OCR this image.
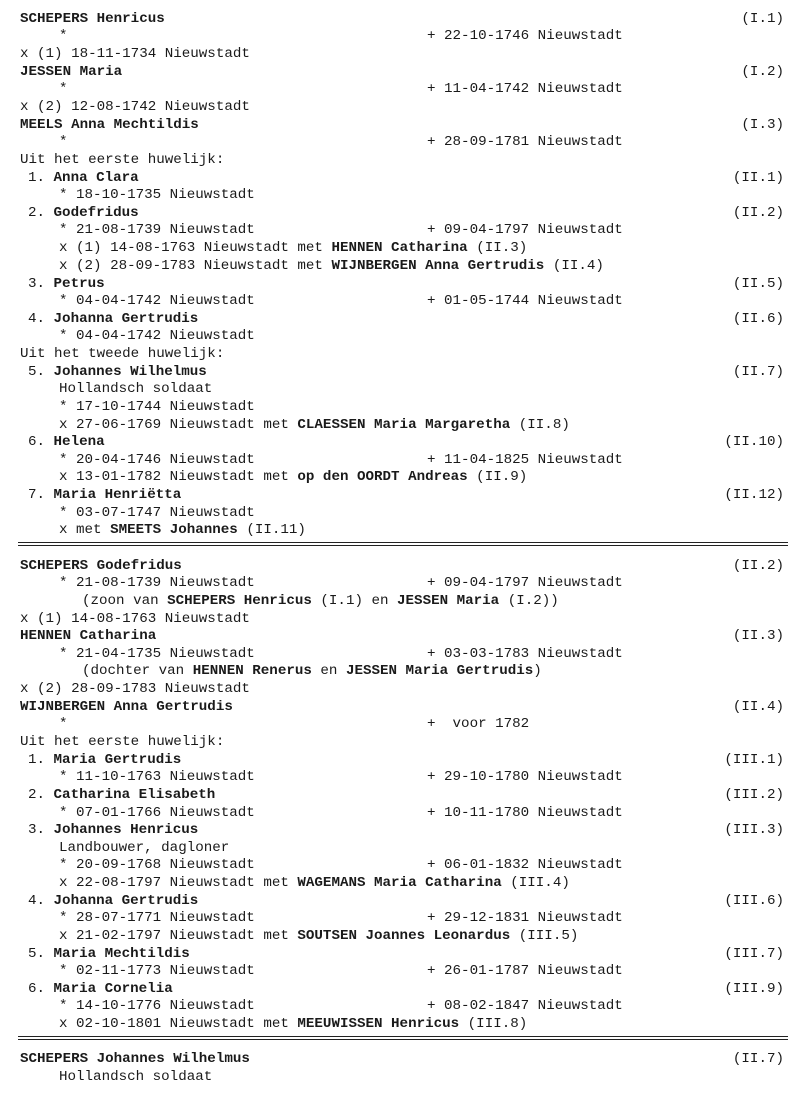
SCHEPERS Henricus	(I.1)
*	+ 22-10-1746 Nieuwstadt
x (1) 18-11-1734 Nieuwstadt
JESSEN Maria	(I.2)
*	+ 11-04-1742 Nieuwstadt
x (2) 12-08-1742 Nieuwstadt
MEELS Anna Mechtildis	(I.3)
*	+ 28-09-1781 Nieuwstadt
Uit het eerste huwelijk:
1. Anna Clara	(II.1)
* 18-10-1735 Nieuwstadt
2. Godefridus	(II.2)
* 21-08-1739 Nieuwstadt	+ 09-04-1797 Nieuwstadt
x (1) 14-08-1763 Nieuwstadt met HENNEN Catharina (II.3)
x (2) 28-09-1783 Nieuwstadt met WIJNBERGEN Anna Gertrudis (II.4)
3. Petrus	(II.5)
* 04-04-1742 Nieuwstadt	+ 01-05-1744 Nieuwstadt
4. Johanna Gertrudis	(II.6)
* 04-04-1742 Nieuwstadt
Uit het tweede huwelijk:
5. Johannes Wilhelmus	(II.7)
Hollandsch soldaat
* 17-10-1744 Nieuwstadt
x 27-06-1769 Nieuwstadt met CLAESSEN Maria Margaretha (II.8)
6. Helena	(II.10)
* 20-04-1746 Nieuwstadt	+ 11-04-1825 Nieuwstadt
x 13-01-1782 Nieuwstadt met op den OORDT Andreas (II.9)
7. Maria Henriëtta	(II.12)
* 03-07-1747 Nieuwstadt
x met SMEETS Johannes (II.11)
SCHEPERS Godefridus	(II.2)
* 21-08-1739 Nieuwstadt	+ 09-04-1797 Nieuwstadt
(zoon van SCHEPERS Henricus (I.1) en JESSEN Maria (I.2))
x (1) 14-08-1763 Nieuwstadt
HENNEN Catharina	(II.3)
* 21-04-1735 Nieuwstadt	+ 03-03-1783 Nieuwstadt
(dochter van HENNEN Renerus en JESSEN Maria Gertrudis)
x (2) 28-09-1783 Nieuwstadt
WIJNBERGEN Anna Gertrudis	(II.4)
*	+  voor 1782
Uit het eerste huwelijk:
1. Maria Gertrudis	(III.1)
* 11-10-1763 Nieuwstadt	+ 29-10-1780 Nieuwstadt
2. Catharina Elisabeth	(III.2)
* 07-01-1766 Nieuwstadt	+ 10-11-1780 Nieuwstadt
3. Johannes Henricus	(III.3)
Landbouwer, dagloner
* 20-09-1768 Nieuwstadt	+ 06-01-1832 Nieuwstadt
x 22-08-1797 Nieuwstadt met WAGEMANS Maria Catharina (III.4)
4. Johanna Gertrudis	(III.6)
* 28-07-1771 Nieuwstadt	+ 29-12-1831 Nieuwstadt
x 21-02-1797 Nieuwstadt met SOUTSEN Joannes Leonardus (III.5)
5. Maria Mechtildis	(III.7)
* 02-11-1773 Nieuwstadt	+ 26-01-1787 Nieuwstadt
6. Maria Cornelia	(III.9)
* 14-10-1776 Nieuwstadt	+ 08-02-1847 Nieuwstadt
x 02-10-1801 Nieuwstadt met MEEUWISSEN Henricus (III.8)
SCHEPERS Johannes Wilhelmus	(II.7)
Hollandsch soldaat
